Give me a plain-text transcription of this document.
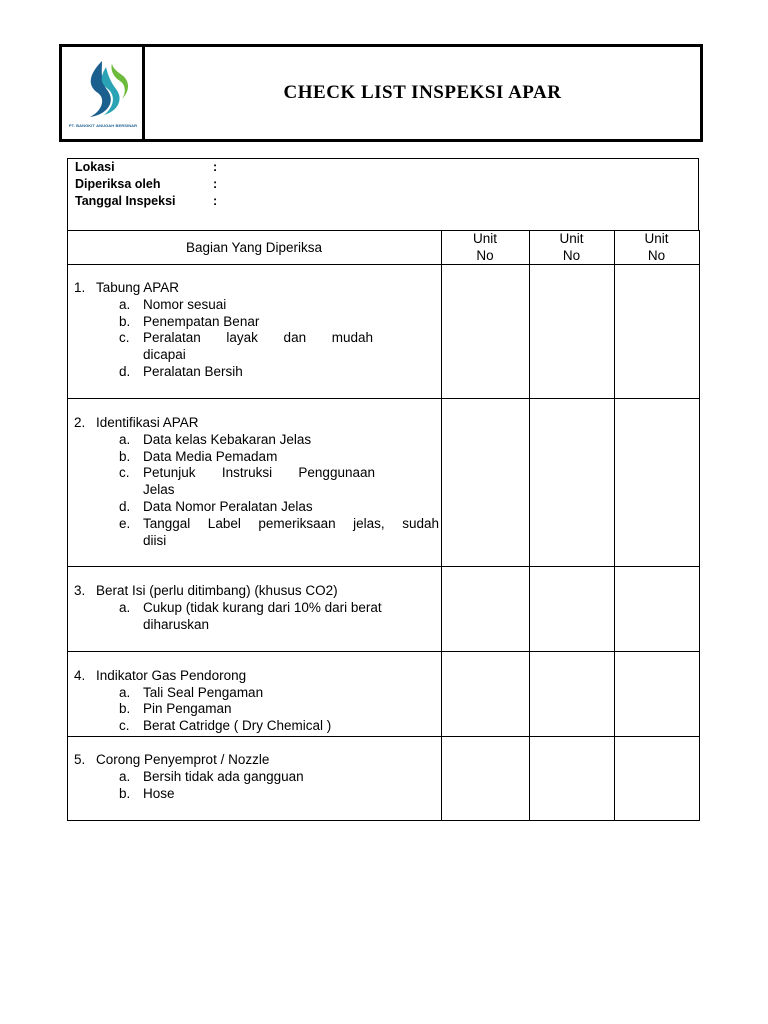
PT. BANGKIT ANUGAH BERSINAR
CHECK LIST INSPEKSI APAR
Lokasi	:
Diperiksa oleh	:
Tanggal Inspeksi	:
Bagian Yang Diperiksa
Unit
No
Unit
No
Unit
No
1. Tabung APAR
a. Nomor sesuai
b. Penempatan Benar
c. Peralatan layak dan mudah
dicapai
d. Peralatan Bersih
2. Identifikasi APAR
a. Data kelas Kebakaran Jelas
b. Data Media Pemadam
c. Petunjuk Instruksi Penggunaan
Jelas
d. Data Nomor Peralatan Jelas
e. Tanggal Label pemeriksaan jelas, sudah
diisi
3. Berat Isi (perlu ditimbang) (khusus CO2)
a. Cukup (tidak kurang dari 10% dari berat
diharuskan
4. Indikator Gas Pendorong
a. Tali Seal Pengaman
b. Pin Pengaman
c. Berat Catridge ( Dry Chemical )
5. Corong Penyemprot / Nozzle
a. Bersih tidak ada gangguan
b. Hose
